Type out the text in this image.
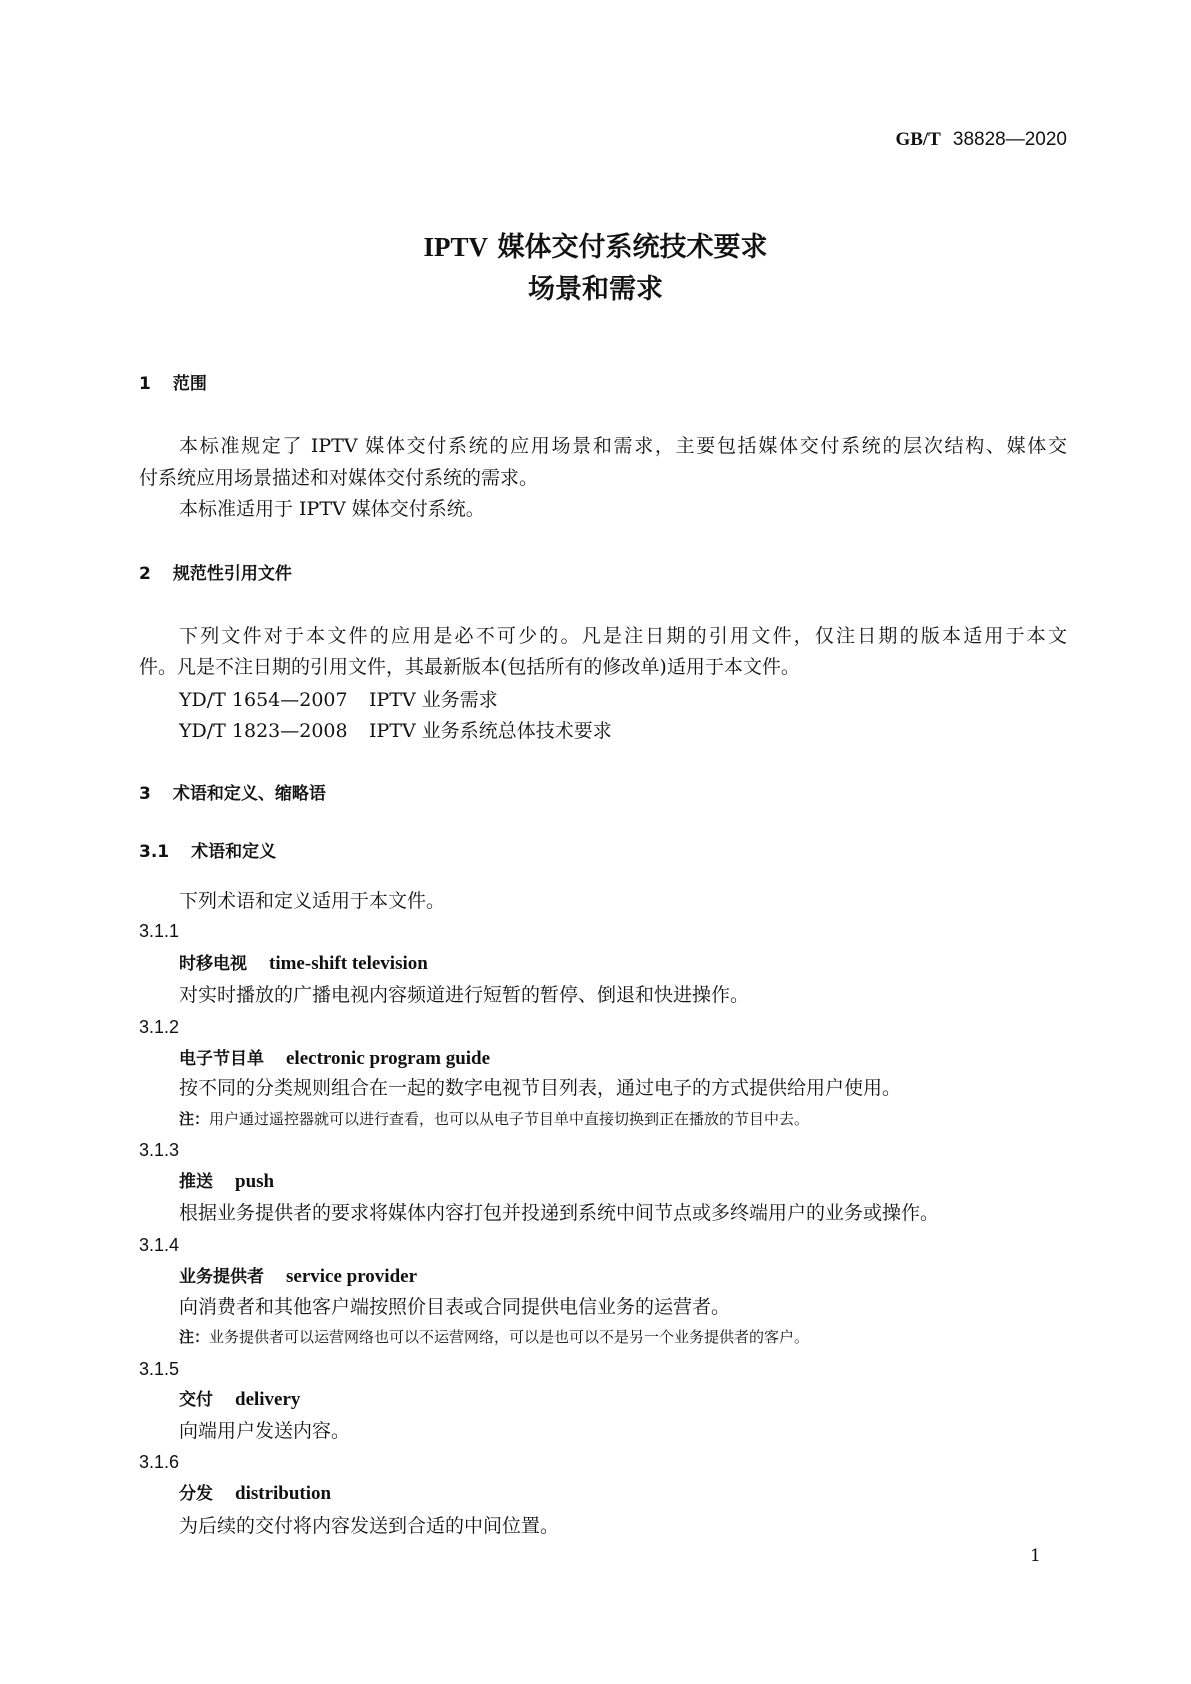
GB/T 38828—2020
IPTV 媒体交付系统技术要求
场景和需求
1 范围
本标准规定了 IPTV 媒体交付系统的应用场景和需求，主要包括媒体交付系统的层次结构、媒体交
付系统应用场景描述和对媒体交付系统的需求。
本标准适用于 IPTV 媒体交付系统。
2 规范性引用文件
下列文件对于本文件的应用是必不可少的。凡是注日期的引用文件，仅注日期的版本适用于本文
件。凡是不注日期的引用文件，其最新版本(包括所有的修改单)适用于本文件。
YD/T 1654—2007 IPTV 业务需求
YD/T 1823—2008 IPTV 业务系统总体技术要求
3 术语和定义、缩略语
3.1 术语和定义
下列术语和定义适用于本文件。
3.1.1
时移电视 time-shift television
对实时播放的广播电视内容频道进行短暂的暂停、倒退和快进操作。
3.1.2
电子节目单 electronic program guide
按不同的分类规则组合在一起的数字电视节目列表，通过电子的方式提供给用户使用。
注：用户通过遥控器就可以进行查看，也可以从电子节目单中直接切换到正在播放的节目中去。
3.1.3
推送 push
根据业务提供者的要求将媒体内容打包并投递到系统中间节点或多终端用户的业务或操作。
3.1.4
业务提供者 service provider
向消费者和其他客户端按照价目表或合同提供电信业务的运营者。
注：业务提供者可以运营网络也可以不运营网络，可以是也可以不是另一个业务提供者的客户。
3.1.5
交付 delivery
向端用户发送内容。
3.1.6
分发 distribution
为后续的交付将内容发送到合适的中间位置。
1
